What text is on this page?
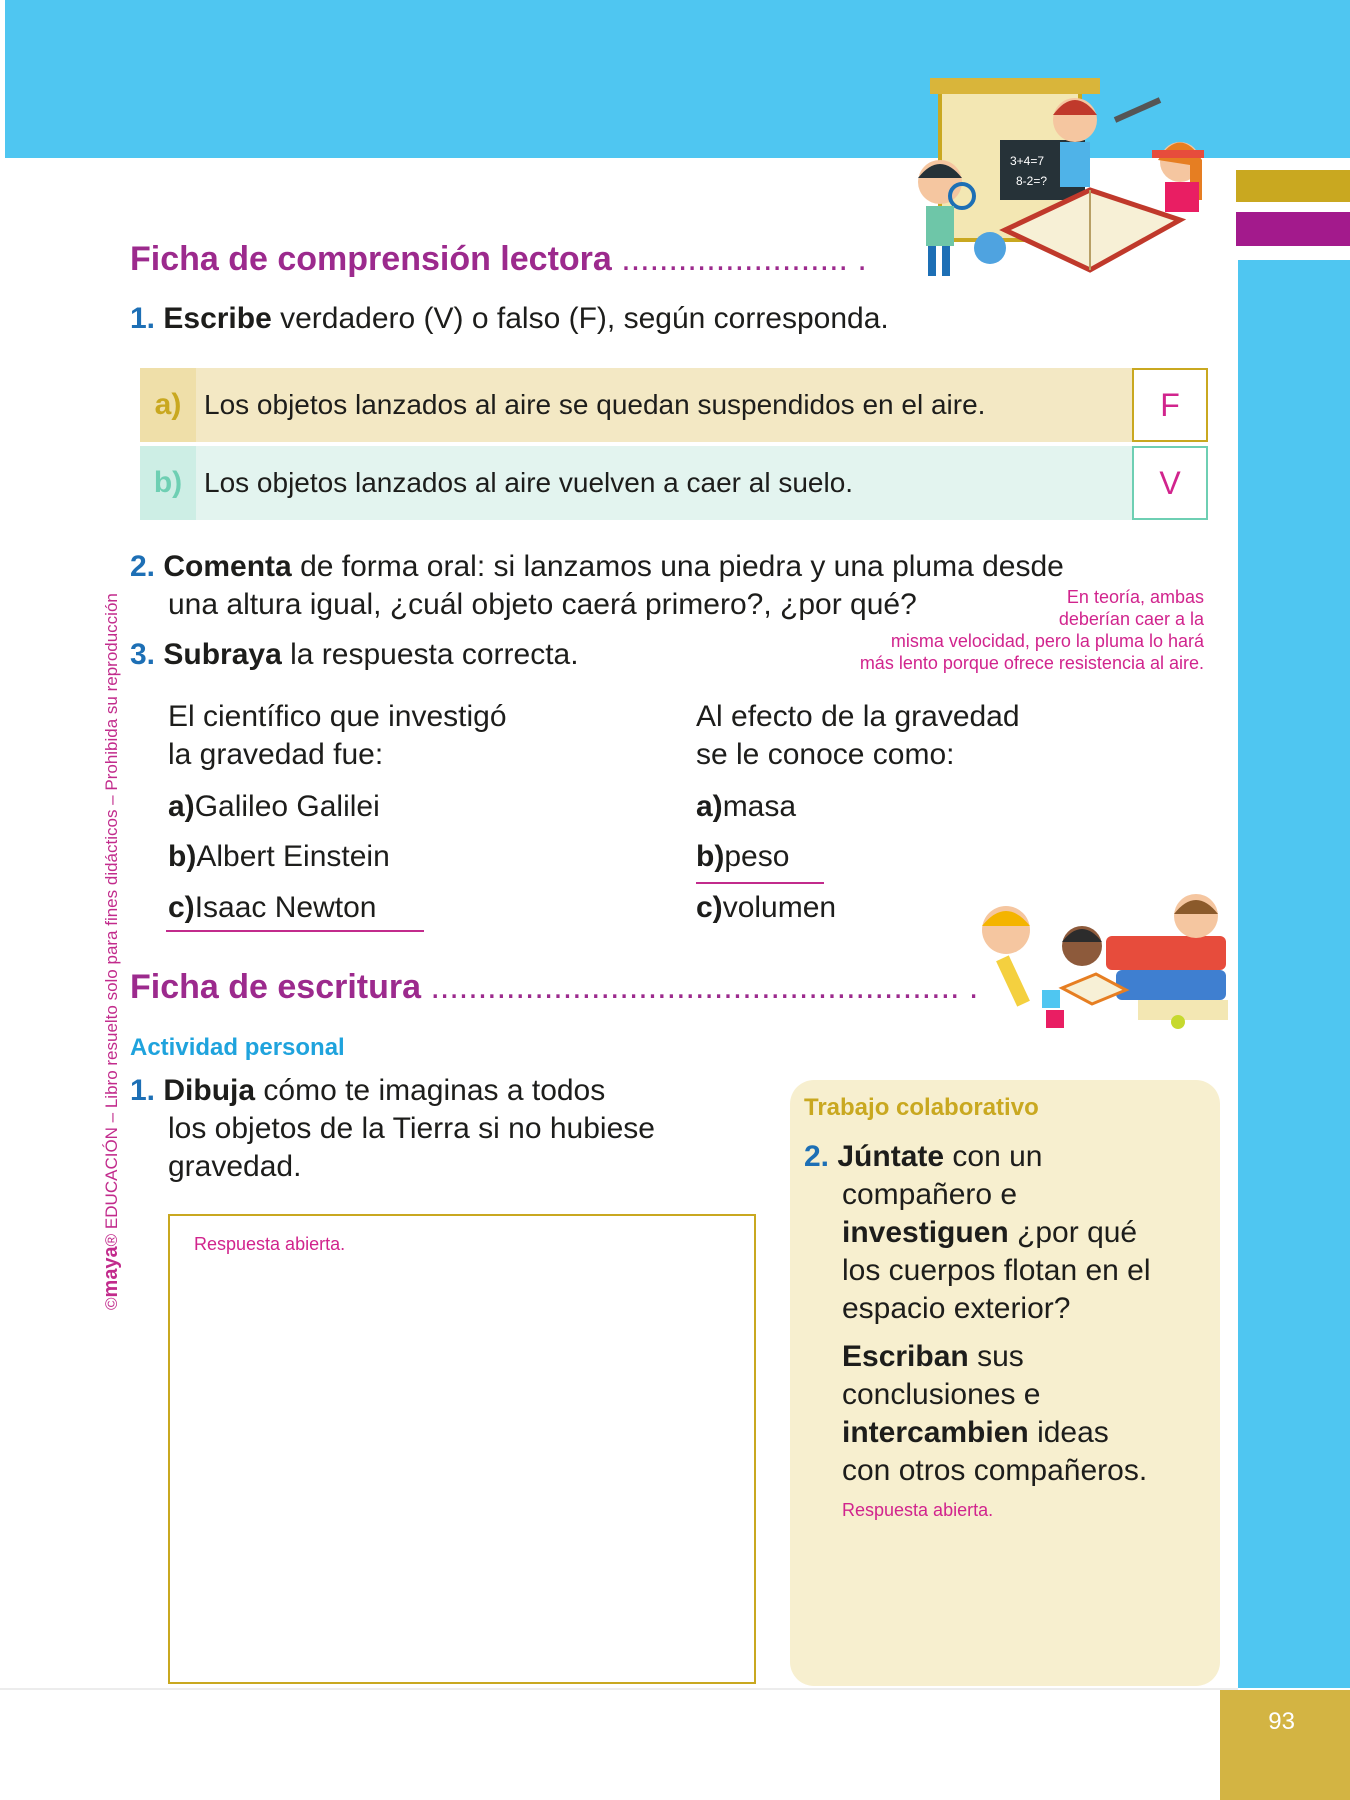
93
©maya® EDUCACIÓN – Libro resuelto solo para fines didácticos – Prohibida su reproducción
3+4=7
8-2=?
Ficha de comprensión lectora ........................ .
1. Escribe verdadero (V) o falso (F), según corresponda.
a) Los objetos lanzados al aire se quedan suspendidos en el aire.	F
b) Los objetos lanzados al aire vuelven a caer al suelo.	V
2. Comenta de forma oral: si lanzamos una piedra y una pluma desde
una altura igual, ¿cuál objeto caerá primero?, ¿por qué?	En teoría, ambas
deberían caer a la
misma velocidad, pero la pluma lo hará
más lento porque ofrece resistencia al aire.
3. Subraya la respuesta correcta.
El científico que investigó
la gravedad fue:
a)Galileo Galilei
b)Albert Einstein
c)Isaac Newton
Al efecto de la gravedad
se le conoce como:
a)masa
b)peso
c)volumen
Ficha de escritura ........................................................ .
Actividad personal
1. Dibuja cómo te imaginas a todos
los objetos de la Tierra si no hubiese
gravedad.
Respuesta abierta.
Trabajo colaborativo
2. Júntate con un
compañero e
investiguen ¿por qué
los cuerpos flotan en el
espacio exterior?
Escriban sus
conclusiones e
intercambien ideas
con otros compañeros.
Respuesta abierta.
